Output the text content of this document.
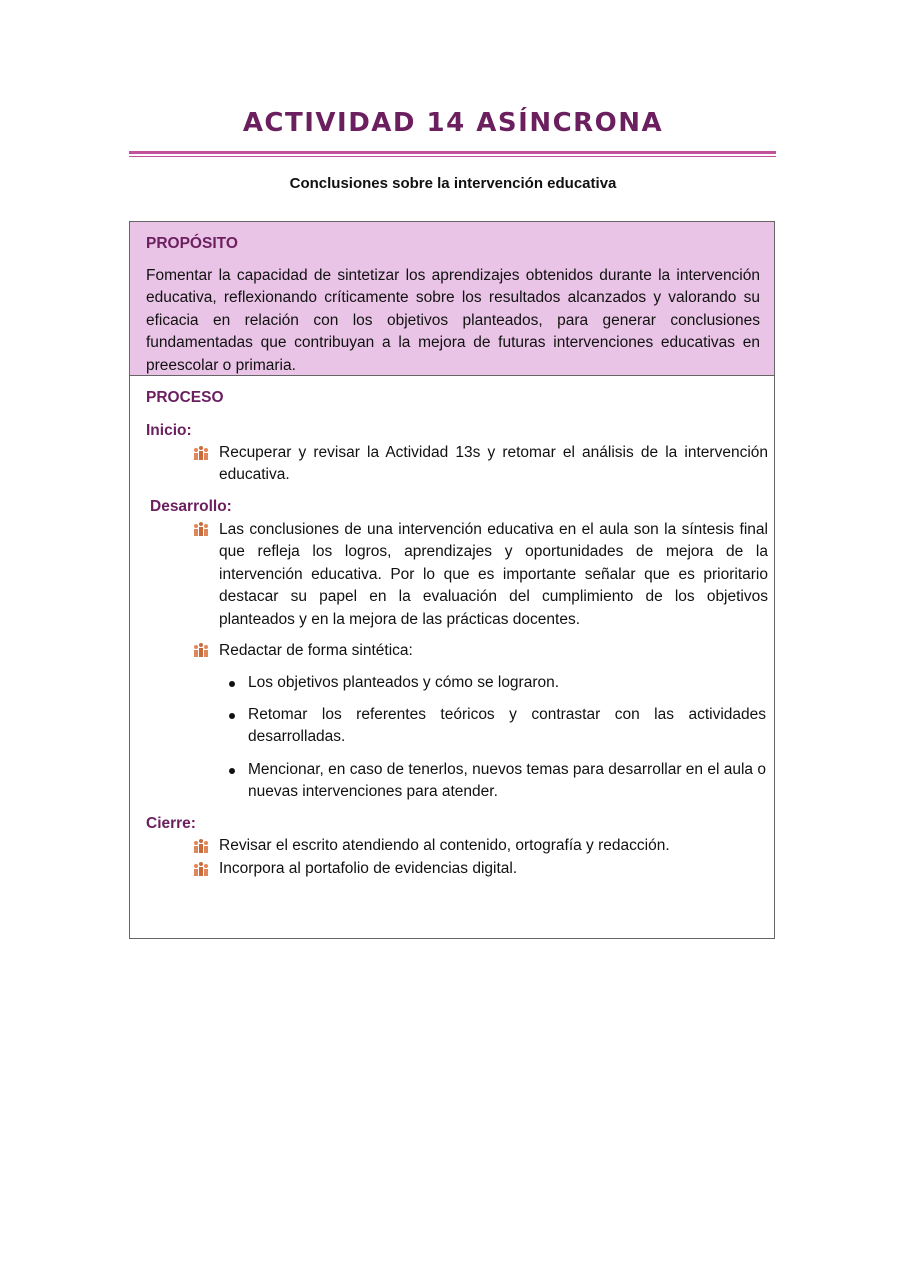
ACTIVIDAD 14 ASÍNCRONA
Conclusiones sobre la intervención educativa
PROPÓSITO
Fomentar la capacidad de sintetizar los aprendizajes obtenidos durante la intervención educativa, reflexionando críticamente sobre los resultados alcanzados y valorando su eficacia en relación con los objetivos planteados, para generar conclusiones fundamentadas que contribuyan a la mejora de futuras intervenciones educativas en preescolar o primaria.
PROCESO
Inicio:
Recuperar y revisar la Actividad 13s y retomar el análisis de la intervención educativa.
Desarrollo:
Las conclusiones de una intervención educativa en el aula son la síntesis final que refleja los logros, aprendizajes y oportunidades de mejora de la intervención educativa. Por lo que es importante señalar que es prioritario destacar su papel en la evaluación del cumplimiento de los objetivos planteados y en la mejora de las prácticas docentes.
Redactar de forma sintética:
Los objetivos planteados y cómo se lograron.
Retomar los referentes teóricos y contrastar con las actividades desarrolladas.
Mencionar, en caso de tenerlos, nuevos temas para desarrollar en el aula o nuevas intervenciones para atender.
Cierre:
Revisar el escrito atendiendo al contenido, ortografía y redacción.
Incorpora al portafolio de evidencias digital.
